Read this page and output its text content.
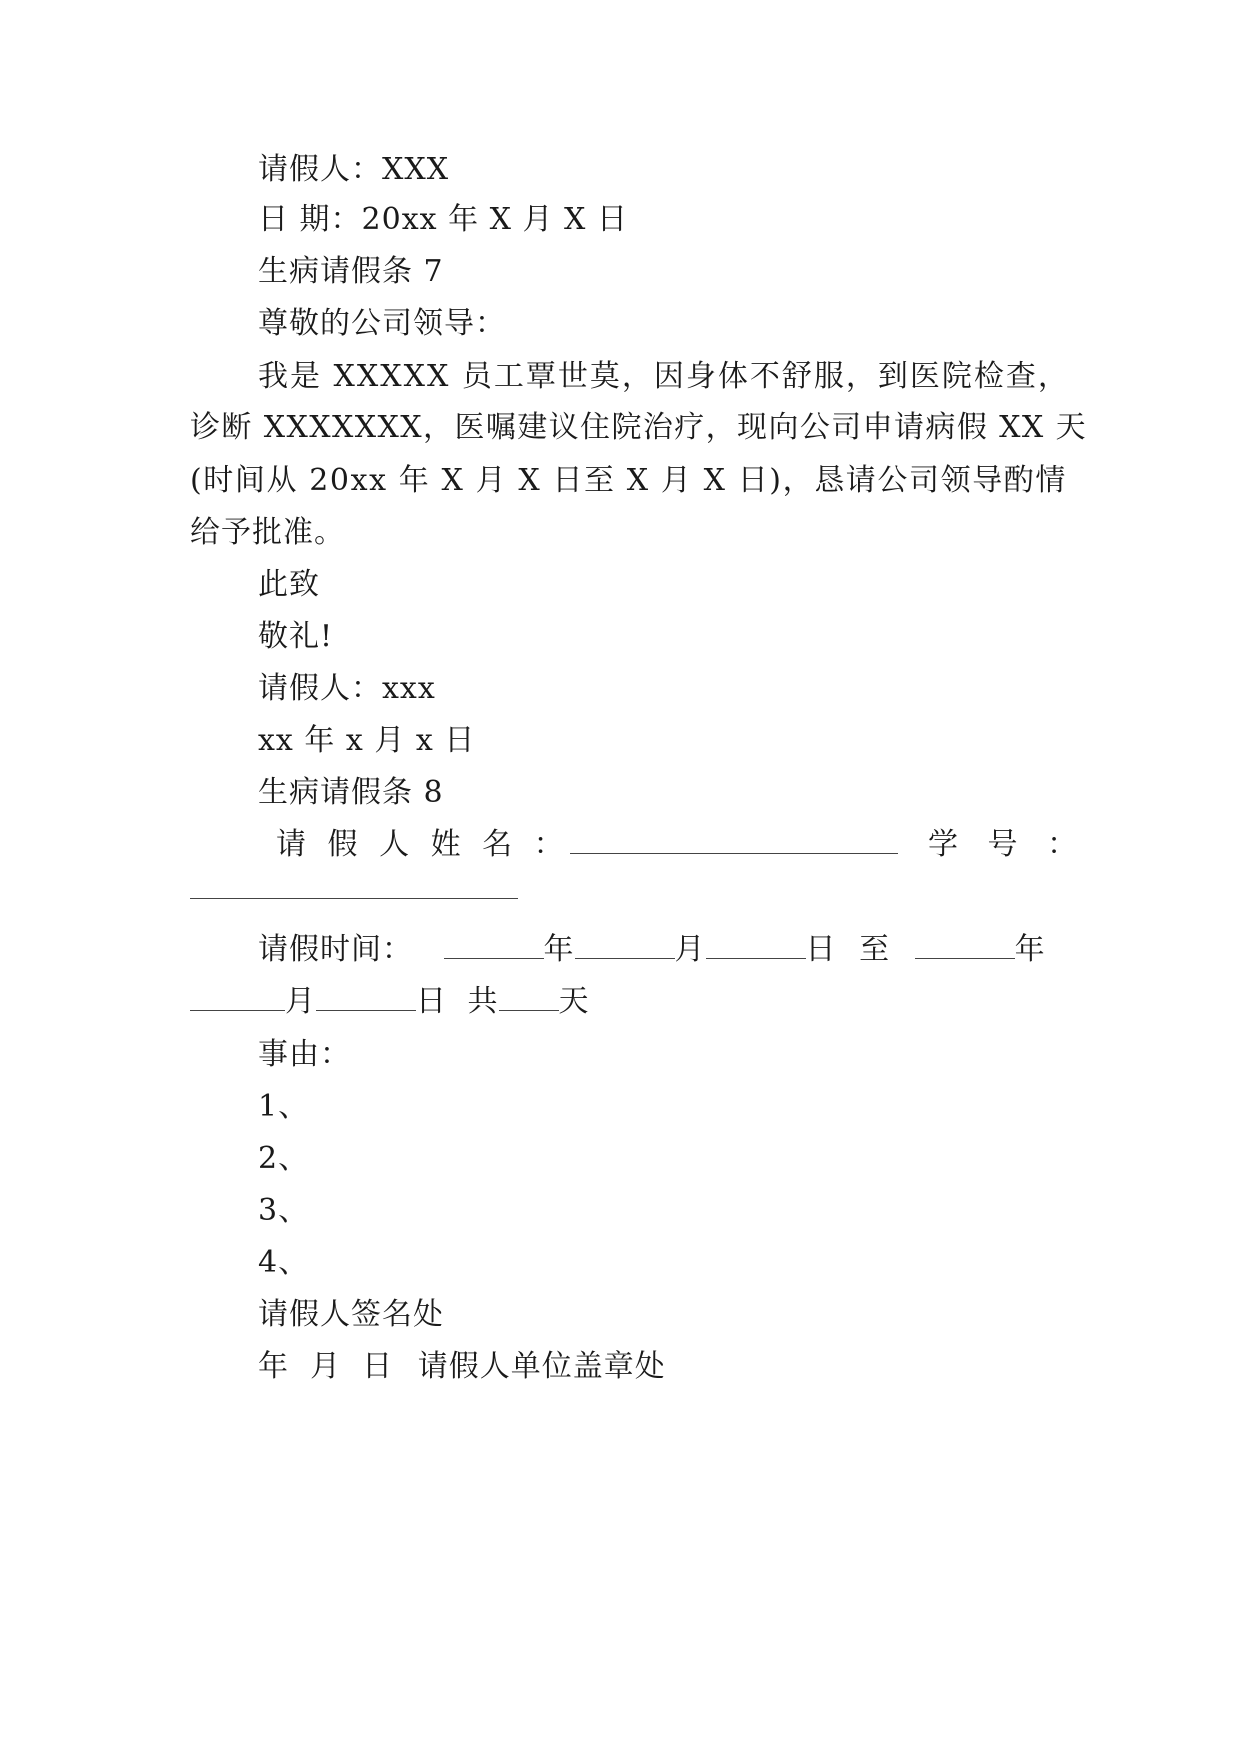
请假人：XXX
日 期：20xx 年 X 月 X 日
生病请假条 7
尊敬的公司领导：
我是 XXXXX 员工覃世莫，因身体不舒服，到医院检查，
诊断 XXXXXXX，医嘱建议住院治疗，现向公司申请病假 XX 天
(时间从 20xx 年 X 月 X 日至 X 月 X 日)，恳请公司领导酌情
给予批准。
此致
敬礼!
请假人：xxx
xx 年 x 月 x 日
生病请假条 8
请 假 人 姓 名 ：	学 号 ：
请假时间：	年	月	日 至	年
月	日 共 天
事由：
1、
2、
3、
4、
请假人签名处
年  月  日 请假人单位盖章处
